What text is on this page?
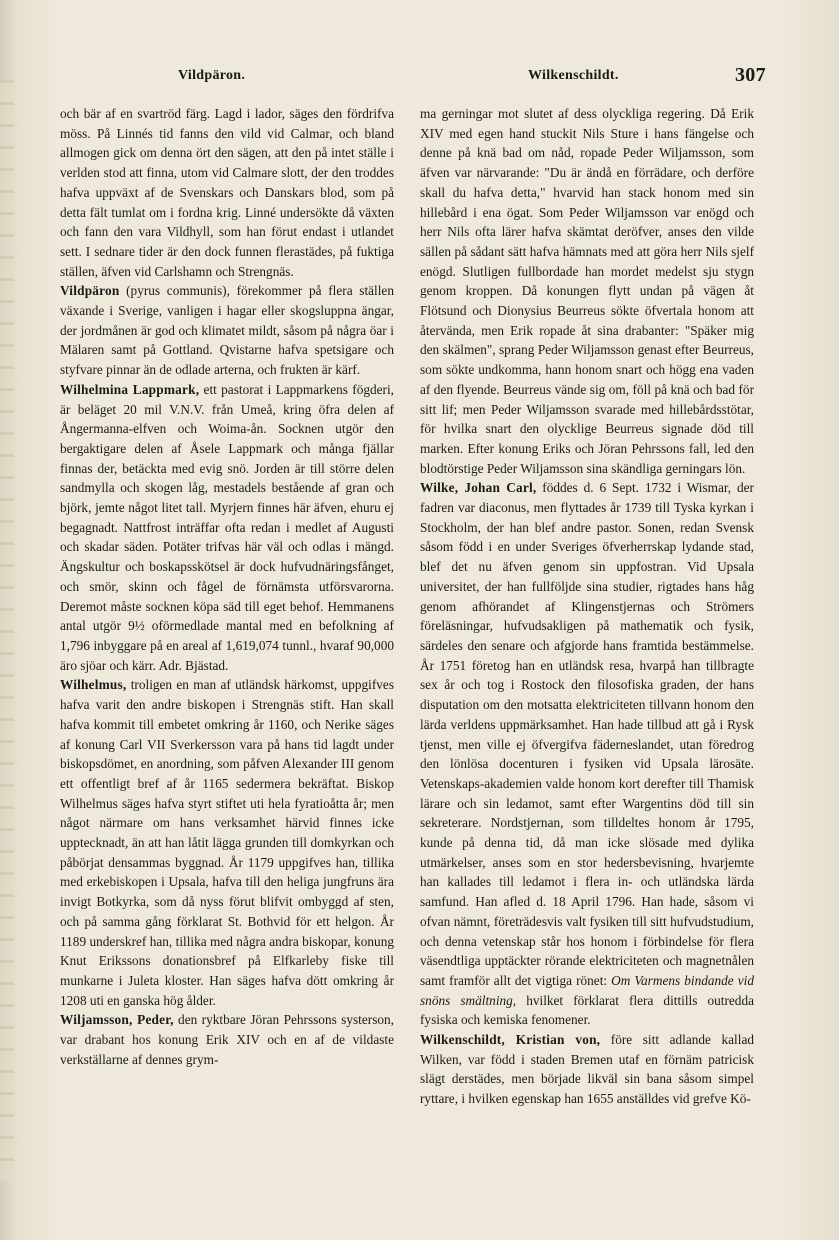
Vildpäron.	Wilkenschildt.	307

och bär af en svartröd färg. Lagd i lador, säges den fördrifva möss. På Linnés tid fanns den vild vid Calmar, och bland allmogen gick om denna ört den sägen, att den på intet ställe i verlden stod att finna, utom vid Calmare slott, der den troddes hafva uppväxt af de Svenskars och Danskars blod, som på detta fält tumlat om i fordna krig. Linné undersökte då växten och fann den vara Vildhyll, som han förut endast i utlandet sett. I sednare tider är den dock funnen flerastädes, på fuktiga ställen, äfven vid Carlshamn och Strengnäs.

Vildpäron (pyrus communis), förekommer på flera ställen växande i Sverige, vanligen i hagar eller skogsluppna ängar, der jordmånen är god och klimatet mildt, såsom på några öar i Mälaren samt på Gottland. Qvistarne hafva spetsigare och styfvare pinnar än de odlade arterna, och frukten är kärf.

Wilhelmina Lappmark, ett pastorat i Lappmarkens fögderi, är beläget 20 mil V.N.V. från Umeå, kring öfra delen af Ångermanna-elfven och Woima-ån. Socknen utgör den bergaktigare delen af Åsele Lappmark och många fjällar finnas der, betäckta med evig snö. Jorden är till större delen sandmylla och skogen låg, mestadels bestående af gran och björk, jemte något litet tall. Myrjern finnes här äfven, ehuru ej begagnadt. Nattfrost inträffar ofta redan i medlet af Augusti och skadar säden. Potäter trifvas här väl och odlas i mängd. Ängskultur och boskapsskötsel är dock hufvudnäringsfånget, och smör, skinn och fågel de förnämsta utförsvarorna. Deremot måste socknen köpa säd till eget behof. Hemmanens antal utgör 9½ oförmedlade mantal med en befolkning af 1,796 inbyggare på en areal af 1,619,074 tunnl., hvaraf 90,000 äro sjöar och kärr. Adr. Bjästad.

Wilhelmus, troligen en man af utländsk härkomst, uppgifves hafva varit den andre biskopen i Strengnäs stift. Han skall hafva kommit till embetet omkring år 1160, och Nerike säges af konung Carl VII Sverkersson vara på hans tid lagdt under biskopsdömet, en anordning, som påfven Alexander III genom ett offentligt bref af år 1165 sedermera bekräftat. Biskop Wilhelmus säges hafva styrt stiftet uti hela fyratioåtta år; men något närmare om hans verksamhet härvid finnes icke upptecknadt, än att han låtit lägga grunden till domkyrkan och påbörjat densammas byggnad. År 1179 uppgifves han, tillika med erkebiskopen i Upsala, hafva till den heliga jungfruns ära invigt Botkyrka, som då nyss förut blifvit ombyggd af sten, och på samma gång förklarat St. Bothvid för ett helgon. År 1189 underskref han, tillika med några andra biskopar, konung Knut Erikssons donationsbref på Elfkarleby fiske till munkarne i Juleta kloster. Han säges hafva dött omkring år 1208 uti en ganska hög ålder.

Wiljamsson, Peder, den ryktbare Jöran Pehrssons systerson, var drabant hos konung Erik XIV och en af de vildaste verkställarne af dennes grym-

ma gerningar mot slutet af dess olyckliga regering. Då Erik XIV med egen hand stuckit Nils Sture i hans fängelse och denne på knä bad om nåd, ropade Peder Wiljamsson, som äfven var närvarande: "Du är ändå en förrädare, och derföre skall du hafva detta," hvarvid han stack honom med sin hillebård i ena ögat. Som Peder Wiljamsson var enögd och herr Nils ofta lärer hafva skämtat deröfver, anses den vilde sällen på sådant sätt hafva hämnats med att göra herr Nils sjelf enögd. Slutligen fullbordade han mordet medelst sju stygn genom kroppen. Då konungen flytt undan på vägen åt Flötsund och Dionysius Beurreus sökte öfvertala honom att återvända, men Erik ropade åt sina drabanter: "Späker mig den skälmen", sprang Peder Wiljamsson genast efter Beurreus, som sökte undkomma, hann honom snart och högg ena vaden af den flyende. Beurreus vände sig om, föll på knä och bad för sitt lif; men Peder Wiljamsson svarade med hillebårdsstötar, för hvilka snart den olycklige Beurreus signade död till marken. Efter konung Eriks och Jöran Pehrssons fall, led den blodtörstige Peder Wiljamsson sina skändliga gerningars lön.

Wilke, Johan Carl, föddes d. 6 Sept. 1732 i Wismar, der fadren var diaconus, men flyttades år 1739 till Tyska kyrkan i Stockholm, der han blef andre pastor. Sonen, redan Svensk såsom född i en under Sveriges öfverherrskap lydande stad, blef det nu äfven genom sin uppfostran. Vid Upsala universitet, der han fullföljde sina studier, rigtades hans håg genom afhörandet af Klingenstjernas och Strömers föreläsningar, hufvudsakligen på mathematik och fysik, särdeles den senare och afgjorde hans framtida bestämmelse. År 1751 företog han en utländsk resa, hvarpå han tillbragte sex år och tog i Rostock den filosofiska graden, der hans disputation om den motsatta elektriciteten tillvann honom den lärda verldens uppmärksamhet. Han hade tillbud att gå i Rysk tjenst, men ville ej öfvergifva fäderneslandet, utan föredrog den lönlösa docenturen i fysiken vid Upsala lärosäte. Vetenskaps-akademien valde honom kort derefter till Thamisk lärare och sin ledamot, samt efter Wargentins död till sin sekreterare. Nordstjernan, som tilldeltes honom år 1795, kunde på denna tid, då man icke slösade med dylika utmärkelser, anses som en stor hedersbevisning, hvarjemte han kallades till ledamot i flera in- och utländska lärda samfund. Han afled d. 18 April 1796. Han hade, såsom vi ofvan nämnt, företrädesvis valt fysiken till sitt hufvudstudium, och denna vetenskap står hos honom i förbindelse för flera väsendtliga upptäckter rörande elektriciteten och magnetnålen samt framför allt det vigtiga rönet: Om Varmens bindande vid snöns smältning, hvilket förklarat flera dittills outredda fysiska och kemiska fenomener.

Wilkenschildt, Kristian von, före sitt adlande kallad Wilken, var född i staden Bremen utaf en förnäm patricisk slägt derstädes, men började likväl sin bana såsom simpel ryttare, i hvilken egenskap han 1655 anställdes vid grefve Kö-
